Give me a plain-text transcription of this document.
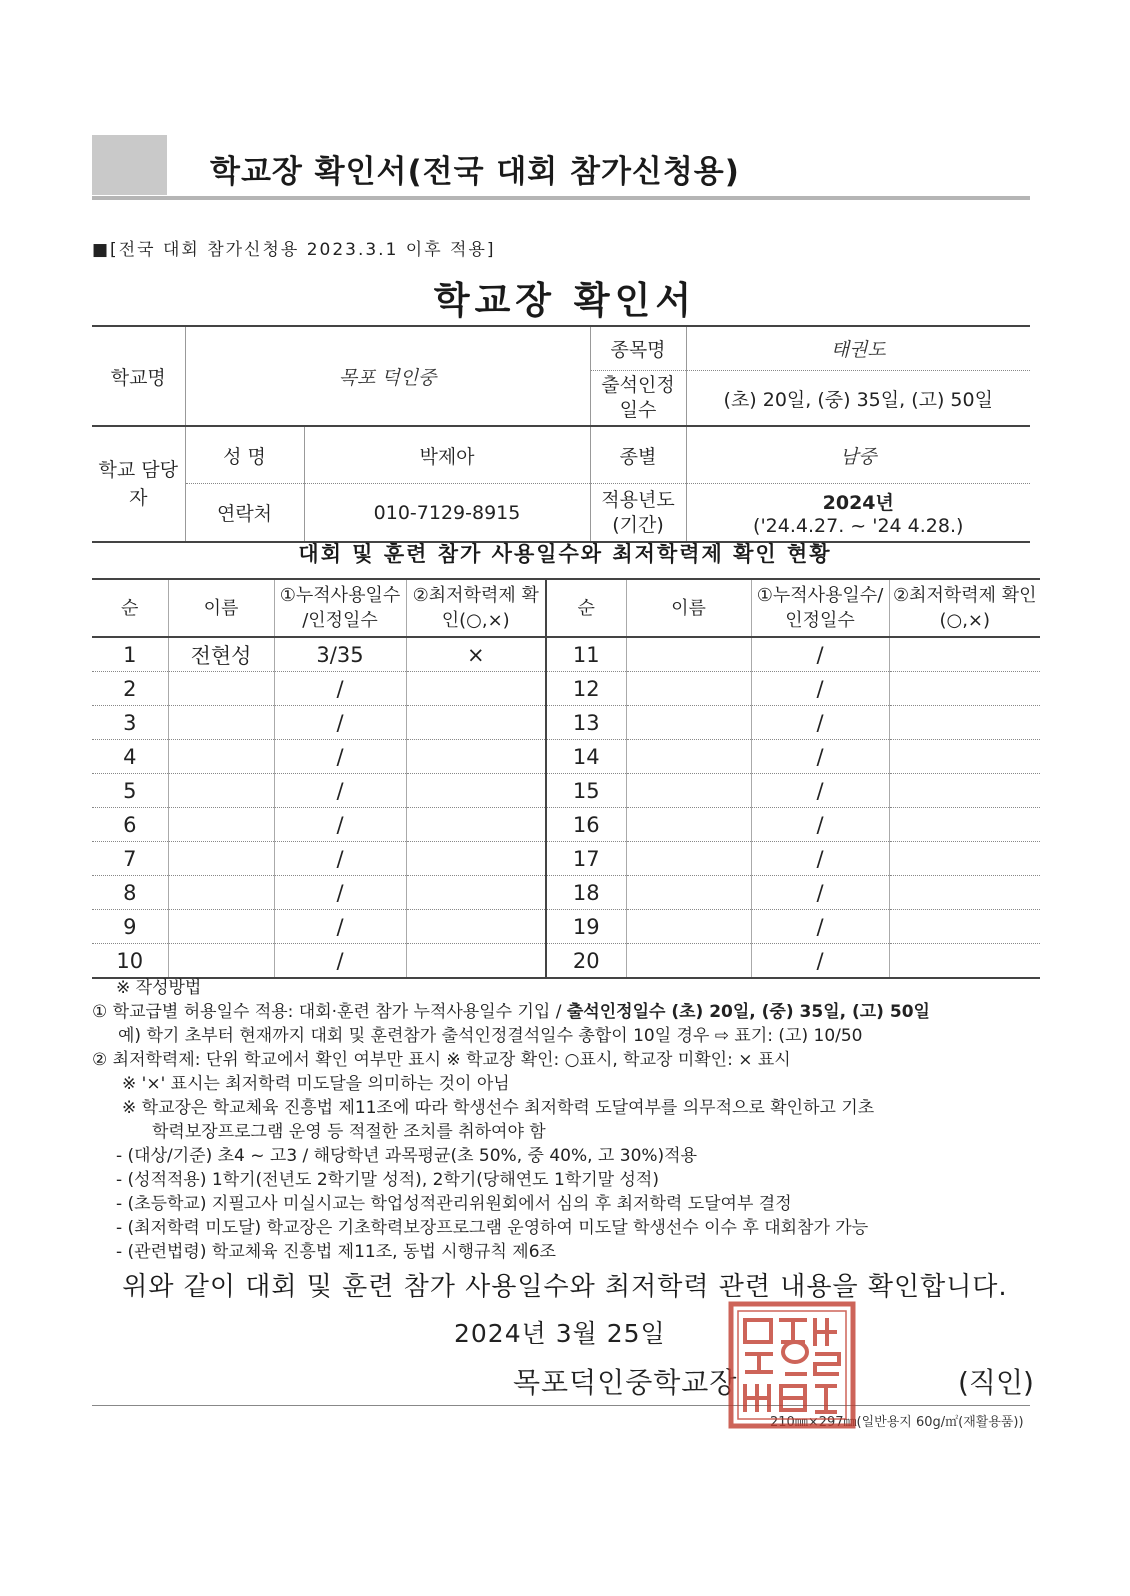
학교장 확인서(전국 대회 참가신청용)
■[전국 대회 참가신청용 2023.3.1 이후 적용]
학교장 확인서
학교명	목포 덕인중		종목명	태권도
			출석인정 일수	(초) 20일, (중) 35일, (고) 50일
학교 담당자	성 명	박제아	종별	남중
	연락처	010-7129-8915	적용년도 (기간)	2024년
('24.4.27. ~ '24 4.28.)
대회 및 훈련 참가 사용일수와 최저학력제 확인 현황
순	이름	①누적사용일수 /인정일수	②최저학력제 확인(○,×)	순	이름	①누적사용일수/ 인정일수	②최저학력제 확인(○,×)
1	전현성	3/35	×	11		/	
2		/		12		/	
3		/		13		/	
4		/		14		/	
5		/		15		/	
6		/		16		/	
7		/		17		/	
8		/		18		/	
9		/		19		/	
10		/		20		/	
※ 작성방법
① 학교급별 허용일수 적용: 대회·훈련 참가 누적사용일수 기입 / 출석인정일수 (초) 20일, (중) 35일, (고) 50일
예) 학기 초부터 현재까지 대회 및 훈련참가 출석인정결석일수 총합이 10일 경우 ⇨ 표기: (고) 10/50
② 최저학력제: 단위 학교에서 확인 여부만 표시 ※ 학교장 확인: ○표시, 학교장 미확인: × 표시
※ '×' 표시는 최저학력 미도달을 의미하는 것이 아님
※ 학교장은 학교체육 진흥법 제11조에 따라 학생선수 최저학력 도달여부를 의무적으로 확인하고 기초
학력보장프로그램 운영 등 적절한 조치를 취하여야 함
- (대상/기준) 초4 ~ 고3 / 해당학년 과목평균(초 50%, 중 40%, 고 30%)적용
- (성적적용) 1학기(전년도 2학기말 성적), 2학기(당해연도 1학기말 성적)
- (초등학교) 지필고사 미실시교는 학업성적관리위원회에서 심의 후 최저학력 도달여부 결정
- (최저학력 미도달) 학교장은 기초학력보장프로그램 운영하여 미도달 학생선수 이수 후 대회참가 가능
- (관련법령) 학교체육 진흥법 제11조, 동법 시행규칙 제6조
위와 같이 대회 및 훈련 참가 사용일수와 최저학력 관련 내용을 확인합니다.
2024년 3월 25일
목포덕인중학교장	(직인)
210㎜×297㎜(일반용지 60g/㎡(재활용품))
